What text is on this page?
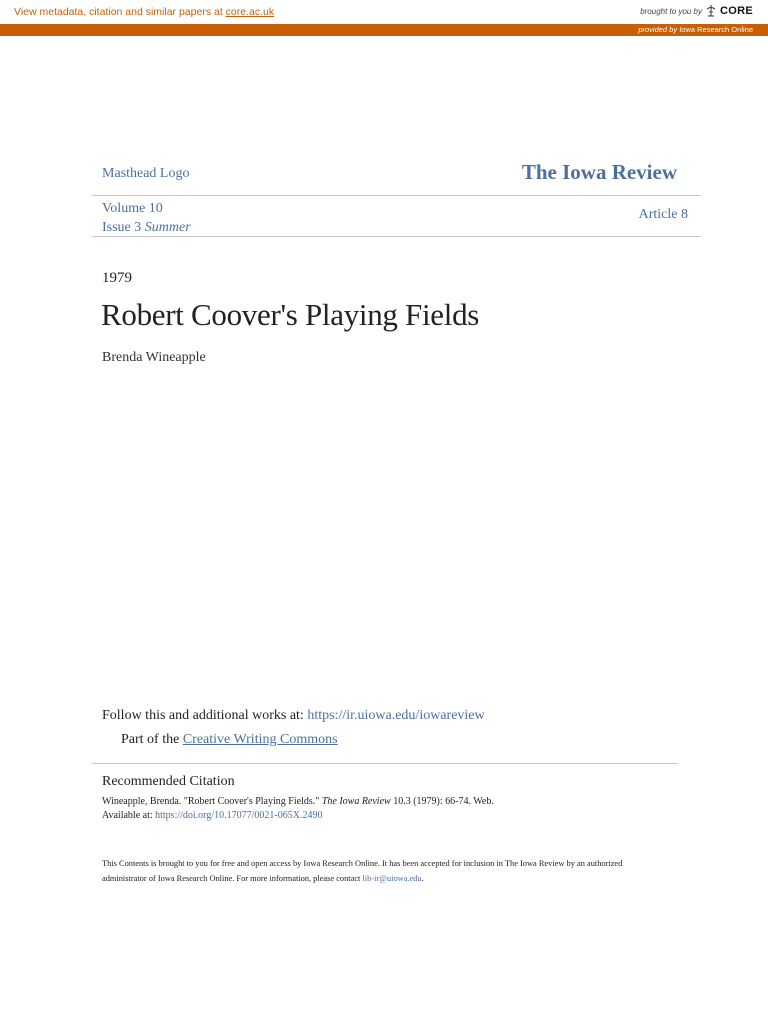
View metadata, citation and similar papers at core.ac.uk	brought to you by CORE
provided by Iowa Research Online
Masthead Logo	The Iowa Review
Volume 10
Issue 3 Summer
Article 8
1979
Robert Coover's Playing Fields
Brenda Wineapple
Follow this and additional works at: https://ir.uiowa.edu/iowareview
Part of the Creative Writing Commons
Recommended Citation
Wineapple, Brenda. "Robert Coover's Playing Fields." The Iowa Review 10.3 (1979): 66-74. Web.
Available at: https://doi.org/10.17077/0021-065X.2490
This Contents is brought to you for free and open access by Iowa Research Online. It has been accepted for inclusion in The Iowa Review by an authorized administrator of Iowa Research Online. For more information, please contact lib-ir@uiowa.edu.
